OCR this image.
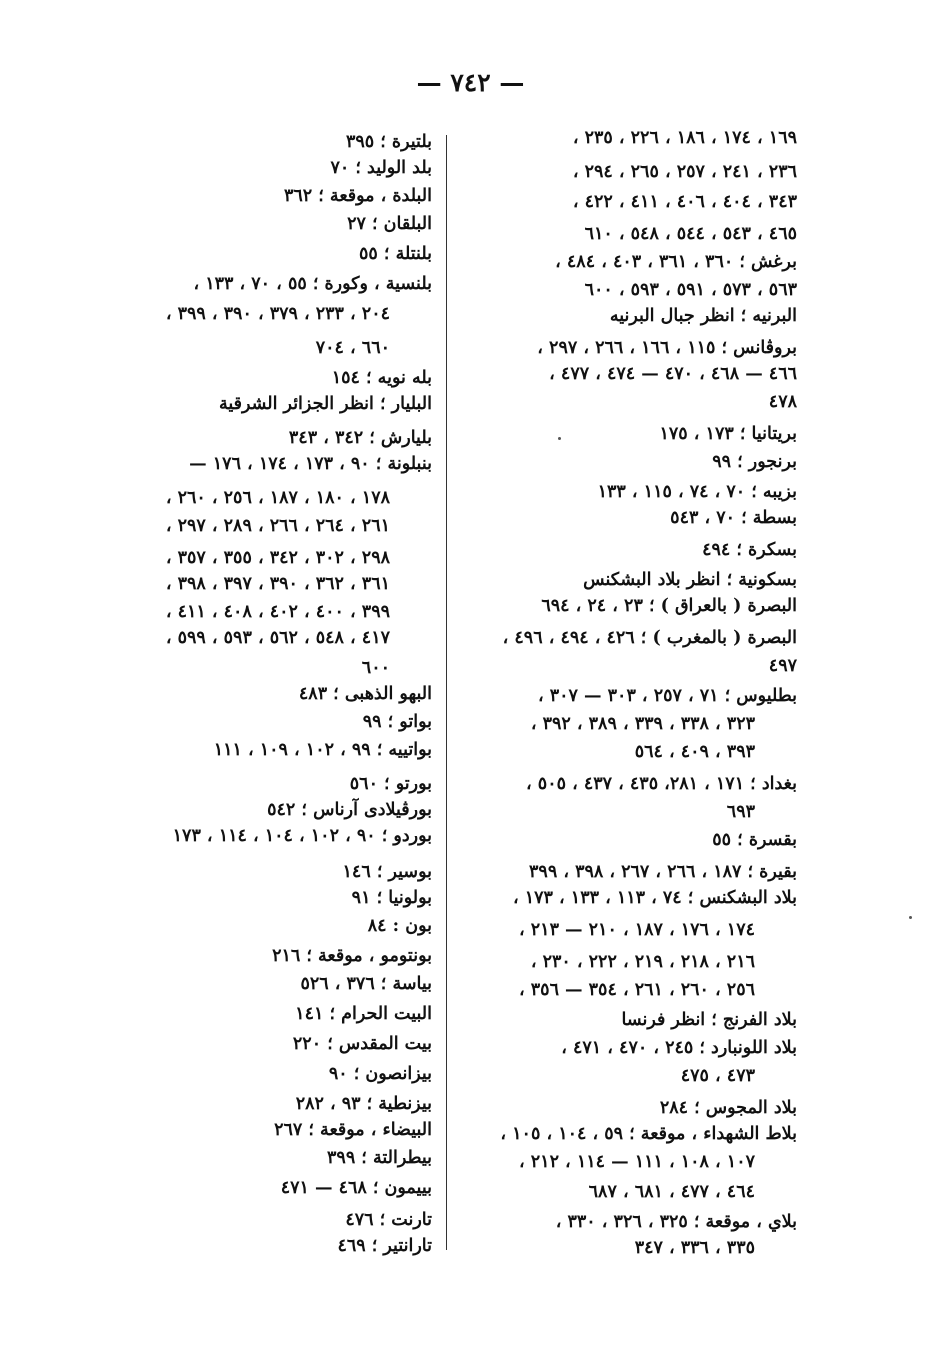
— ٧٤٢ —
١٦٩ ، ١٧٤ ، ١٨٦ ، ٢٢٦ ، ٢٣٥ ،
٢٣٦ ، ٢٤١ ، ٢٥٧ ، ٢٦٥ ، ٢٩٤ ،
٣٤٣ ، ٤٠٤ ، ٤٠٦ ، ٤١١ ، ٤٢٢ ،
٤٦٥ ، ٥٤٣ ، ٥٤٤ ، ٥٤٨ ، ٦١٠
برغش ؛ ٣٦٠ ، ٣٦١ ، ٤٠٣ ، ٤٨٤ ،
٥٦٣ ، ٥٧٣ ، ٥٩١ ، ٥٩٣ ، ٦٠٠
البرنيه ؛ انظر جبال البرنيه
بروڤانس ؛ ١١٥ ، ١٦٦ ، ٢٦٦ ، ٢٩٧ ،
٤٦٦ — ٤٦٨ ، ٤٧٠ — ٤٧٤ ، ٤٧٧ ،
٤٧٨
بريتانيا ؛ ١٧٣ ، ١٧٥
برنجور ؛ ٩٩
بزيبه ؛ ٧٠ ، ٧٤ ، ١١٥ ، ١٣٣
بسطة ؛ ٧٠ ، ٥٤٣
بسكرة ؛ ٤٩٤
بسكونية ؛ انظر بلاد البشكنس
البصرة ( بالعراق ) ؛ ٢٣ ، ٢٤ ، ٦٩٤
البصرة ( بالمغرب ) ؛ ٤٢٦ ، ٤٩٤ ، ٤٩٦ ،
٤٩٧
بطليوس ؛ ٧١ ، ٢٥٧ ، ٣٠٣ — ٣٠٧ ،
٣٢٣ ، ٣٣٨ ، ٣٣٩ ، ٣٨٩ ، ٣٩٢ ،
٣٩٣ ، ٤٠٩ ، ٥٦٤
بغداد ؛ ١٧١ ، ٢٨١، ٤٣٥ ، ٤٣٧ ، ٥٠٥ ،
٦٩٣
بقسرة ؛ ٥٥
بقيرة ؛ ١٨٧ ، ٢٦٦ ، ٢٦٧ ، ٣٩٨ ، ٣٩٩
بلاد البشكنس ؛ ٧٤ ، ١١٣ ، ١٣٣ ، ١٧٣ ،
١٧٤ ، ١٧٦ ، ١٨٧ ، ٢١٠ — ٢١٣ ،
٢١٦ ، ٢١٨ ، ٢١٩ ، ٢٢٢ ، ٢٣٠ ،
٢٥٦ ، ٢٦٠ ، ٢٦١ ، ٣٥٤ — ٣٥٦ ،
بلاد الفرنج ؛ انظر فرنسا
بلاد اللونبارد ؛ ٢٤٥ ، ٤٧٠ ، ٤٧١ ،
٤٧٣ ، ٤٧٥
بلاد المجوس ؛ ٢٨٤
بلاط الشهداء ، موقعة ؛ ٥٩ ، ١٠٤ ، ١٠٥ ،
١٠٧ ، ١٠٨ ، ١١١ — ١١٤ ، ٢١٢ ،
٤٦٤ ، ٤٧٧ ، ٦٨١ ، ٦٨٧
بلاي ، موقعة ؛ ٣٢٥ ، ٣٢٦ ، ٣٣٠ ،
٣٣٥ ، ٣٣٦ ، ٣٤٧
بلتيرة ؛ ٣٩٥
بلد الوليد ؛ ٧٠
البلدة ، موقعة ؛ ٣٦٢
البلقان ؛ ٢٧
بلنتلة ؛ ٥٥
بلنسية ، وكورة ؛ ٥٥ ، ٧٠ ، ١٣٣ ،
٢٠٤ ، ٢٣٣ ، ٣٧٩ ، ٣٩٠ ، ٣٩٩ ،
٦٦٠ ، ٧٠٤
بله نويه ؛ ١٥٤
البليار ؛ انظر الجزائر الشرقية
بليارش ؛ ٣٤٢ ، ٣٤٣
بنبلونة ؛ ٩٠ ، ١٧٣ ، ١٧٤ ، ١٧٦ —
١٧٨ ، ١٨٠ ، ١٨٧ ، ٢٥٦ ، ٢٦٠ ،
٢٦١ ، ٢٦٤ ، ٢٦٦ ، ٢٨٩ ، ٢٩٧ ،
٢٩٨ ، ٣٠٢ ، ٣٤٢ ، ٣٥٥ ، ٣٥٧ ،
٣٦١ ، ٣٦٢ ، ٣٩٠ ، ٣٩٧ ، ٣٩٨ ،
٣٩٩ ، ٤٠٠ ، ٤٠٢ ، ٤٠٨ ، ٤١١ ،
٤١٧ ، ٥٤٨ ، ٥٦٢ ، ٥٩٣ ، ٥٩٩ ،
٦٠٠
البهو الذهبى ؛ ٤٨٣
بواتو ؛ ٩٩
بواتييه ؛ ٩٩ ، ١٠٢ ، ١٠٩ ، ١١١
بورتو ؛ ٥٦٠
بورڤيلادى آرناس ؛ ٥٤٢
بوردو ؛ ٩٠ ، ١٠٢ ، ١٠٤ ، ١١٤ ، ١٧٣
بوسير ؛ ١٤٦
بولونيا ؛ ٩١
بون : ٨٤
بونتومو ، موقعة ؛ ٢١٦
بياسة ؛ ٣٧٦ ، ٥٢٦
البيت الحرام ؛ ١٤١
بيت المقدس ؛ ٢٢٠
بيزانصون ؛ ٩٠
بيزنطية ؛ ٩٣ ، ٢٨٢
البيضاء ، موقعة ؛ ٢٦٧
بيطرالتة ؛ ٣٩٩
بييمون ؛ ٤٦٨ — ٤٧١
تارنت ؛ ٤٧٦
تارانتير ؛ ٤٦٩
